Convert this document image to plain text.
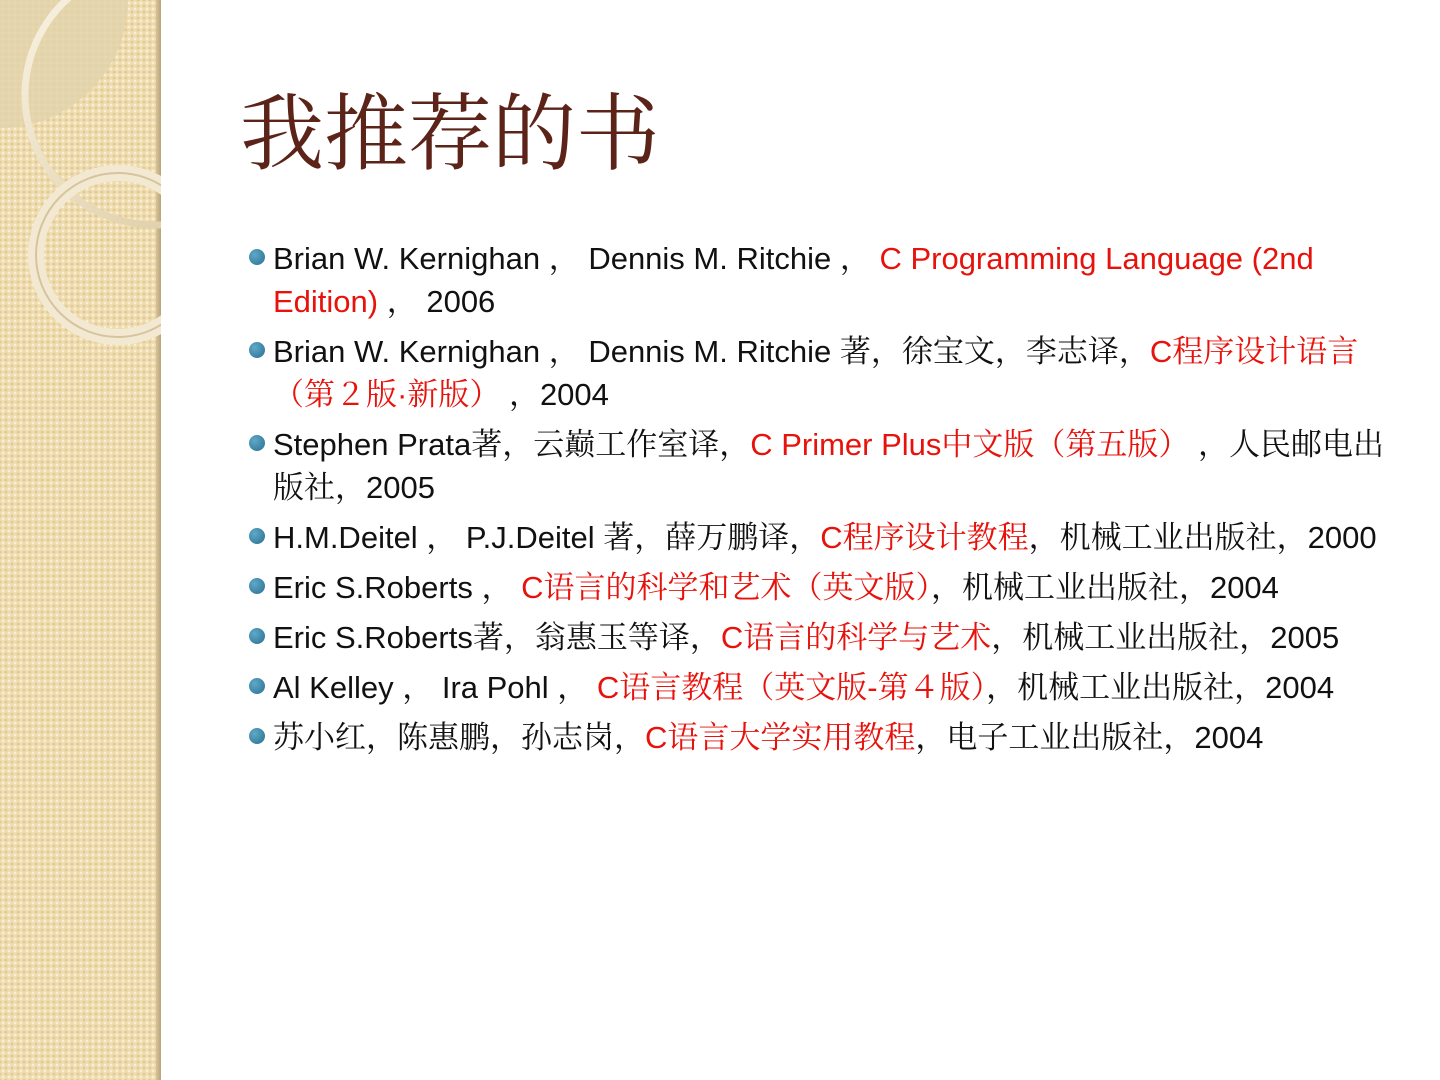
我推荐的书
Brian W. Kernighan ， Dennis M. Ritchie ， C Programming Language (2nd Edition) ， 2006
Brian W. Kernighan ， Dennis M. Ritchie 著，徐宝文，李志译，C程序设计语言（第２版·新版） ，2004
Stephen Prata著，云巅工作室译，C Primer Plus中文版（第五版） ，人民邮电出版社，2005
H.M.Deitel ， P.J.Deitel 著，薛万鹏译，C程序设计教程，机械工业出版社，2000
Eric S.Roberts ， C语言的科学和艺术（英文版），机械工业出版社，2004
Eric S.Roberts著，翁惠玉等译，C语言的科学与艺术，机械工业出版社，2005
Al Kelley ， Ira Pohl ， C语言教程（英文版-第４版），机械工业出版社，2004
苏小红，陈惠鹏，孙志岗，C语言大学实用教程，电子工业出版社，2004
